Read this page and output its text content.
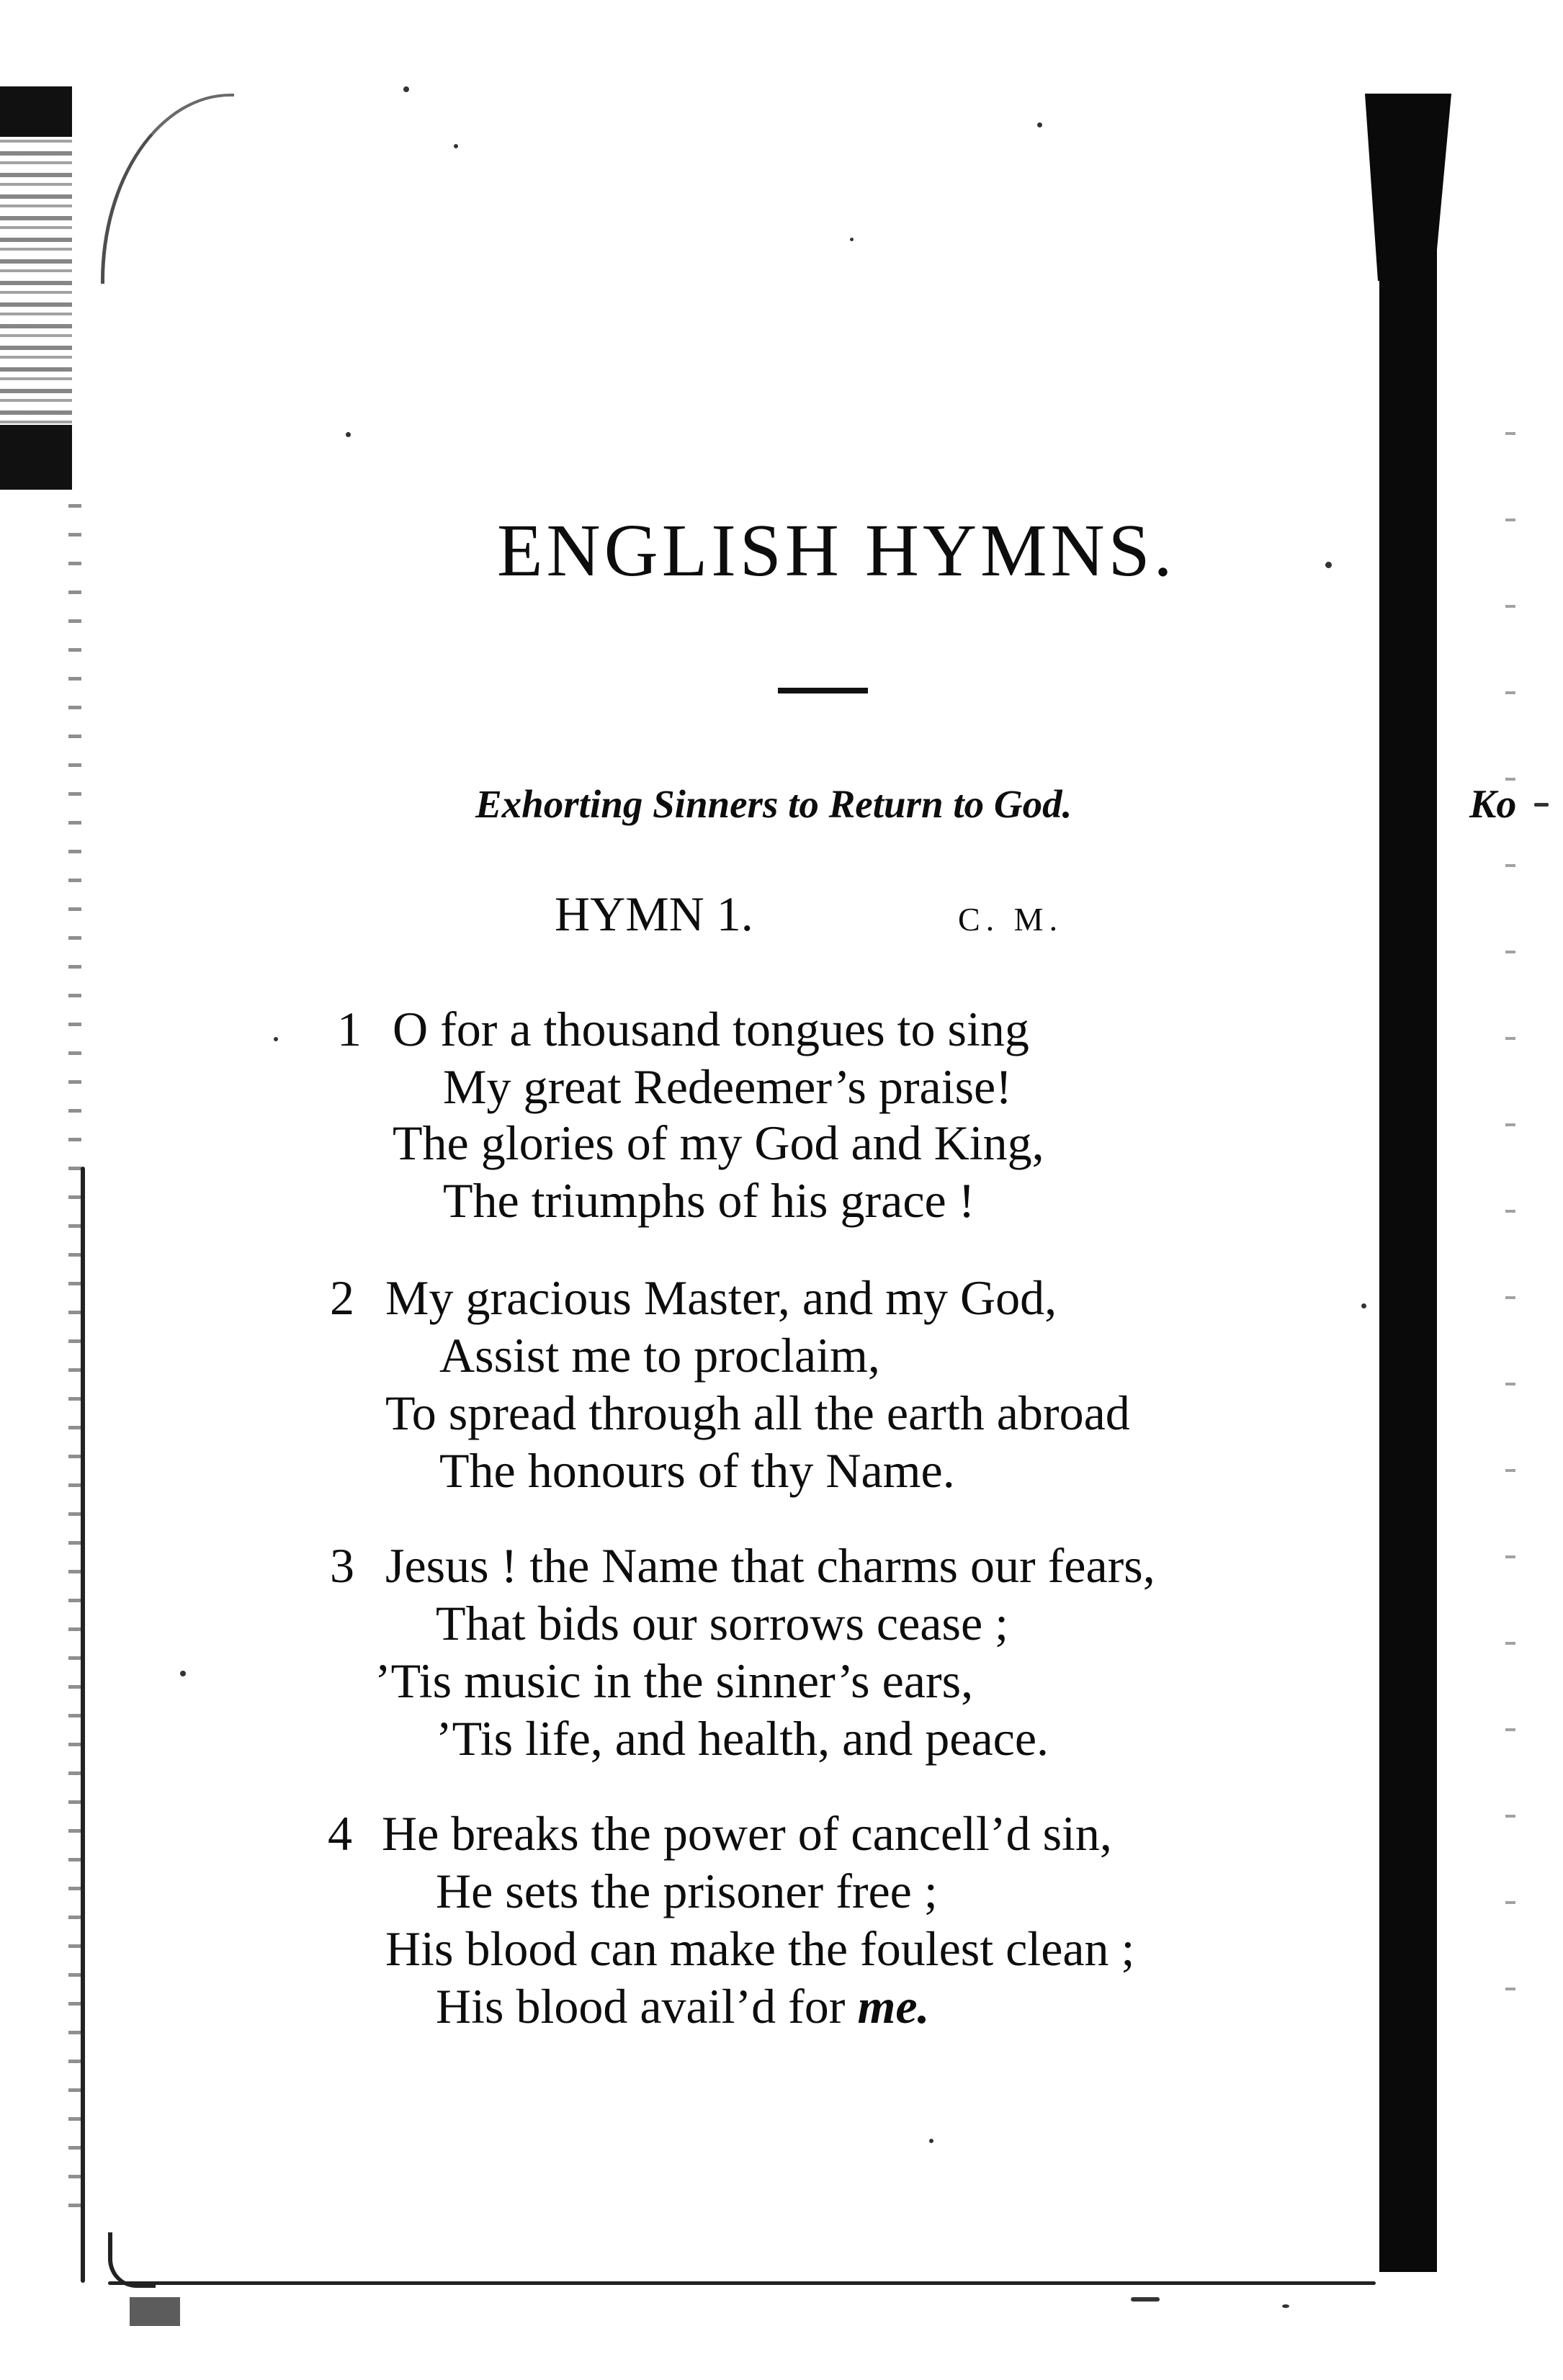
ENGLISH HYMNS.
Exhorting Sinners to Return to God.	Ko
HYMN 1.	C. M.
1 O for a thousand tongues to sing
My great Redeemer’s praise!
The glories of my God and King,
The triumphs of his grace !
2 My gracious Master, and my God,
Assist me to proclaim,
To spread through all the earth abroad
The honours of thy Name.
3 Jesus ! the Name that charms our fears,
That bids our sorrows cease ;
’Tis music in the sinner’s ears,
’Tis life, and health, and peace.
4 He breaks the power of cancell’d sin,
He sets the prisoner free ;
His blood can make the foulest clean ;
His blood avail’d for me.
